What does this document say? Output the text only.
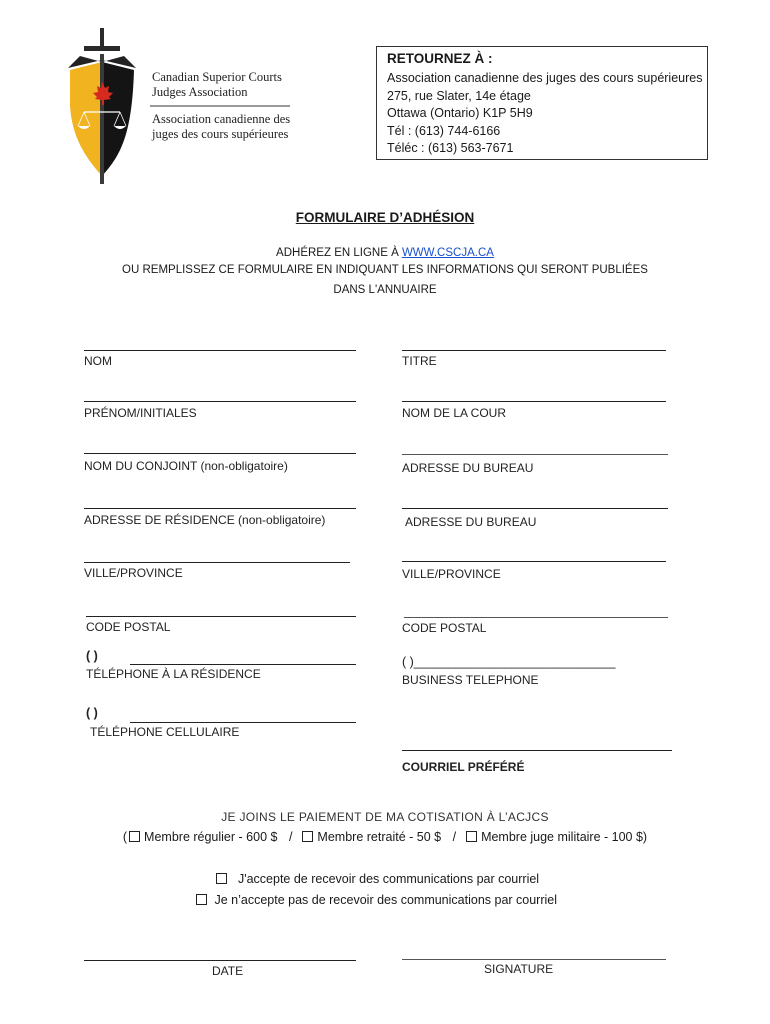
Canadian Superior Courts
Judges Association
Association canadienne des
juges des cours supérieures
RETOURNEZ À :
Association canadienne des juges des cours supérieures
275, rue Slater, 14e étage
Ottawa (Ontario) K1P 5H9
Tél : (613) 744-6166
Téléc : (613) 563-7671
FORMULAIRE D’ADHÉSION
ADHÉREZ EN LIGNE À WWW.CSCJA.CA
OU REMPLISSEZ CE FORMULAIRE EN INDIQUANT LES INFORMATIONS QUI SERONT PUBLIÉES
DANS L'ANNUAIRE
NOM
PRÉNOM/INITIALES
NOM DU CONJOINT (non-obligatoire)
ADRESSE DE RÉSIDENCE (non-obligatoire)
VILLE/PROVINCE
CODE POSTAL
( )
TÉLÉPHONE À LA RÉSIDENCE
( )
TÉLÉPHONE CELLULAIRE
TITRE
NOM DE LA COUR
ADRESSE DU BUREAU
ADRESSE DU BUREAU
VILLE/PROVINCE
CODE POSTAL
( )_____________________________
BUSINESS TELEPHONE
COURRIEL PRÉFÉRÉ
JE JOINS LE PAIEMENT DE MA COTISATION À L’ACJCS
( Membre régulier - 600 $ / Membre retraité - 50 $ / Membre juge militaire - 100 $)
J'accepte de recevoir des communications par courriel
Je n’accepte pas de recevoir des communications par courriel
DATE	SIGNATURE
